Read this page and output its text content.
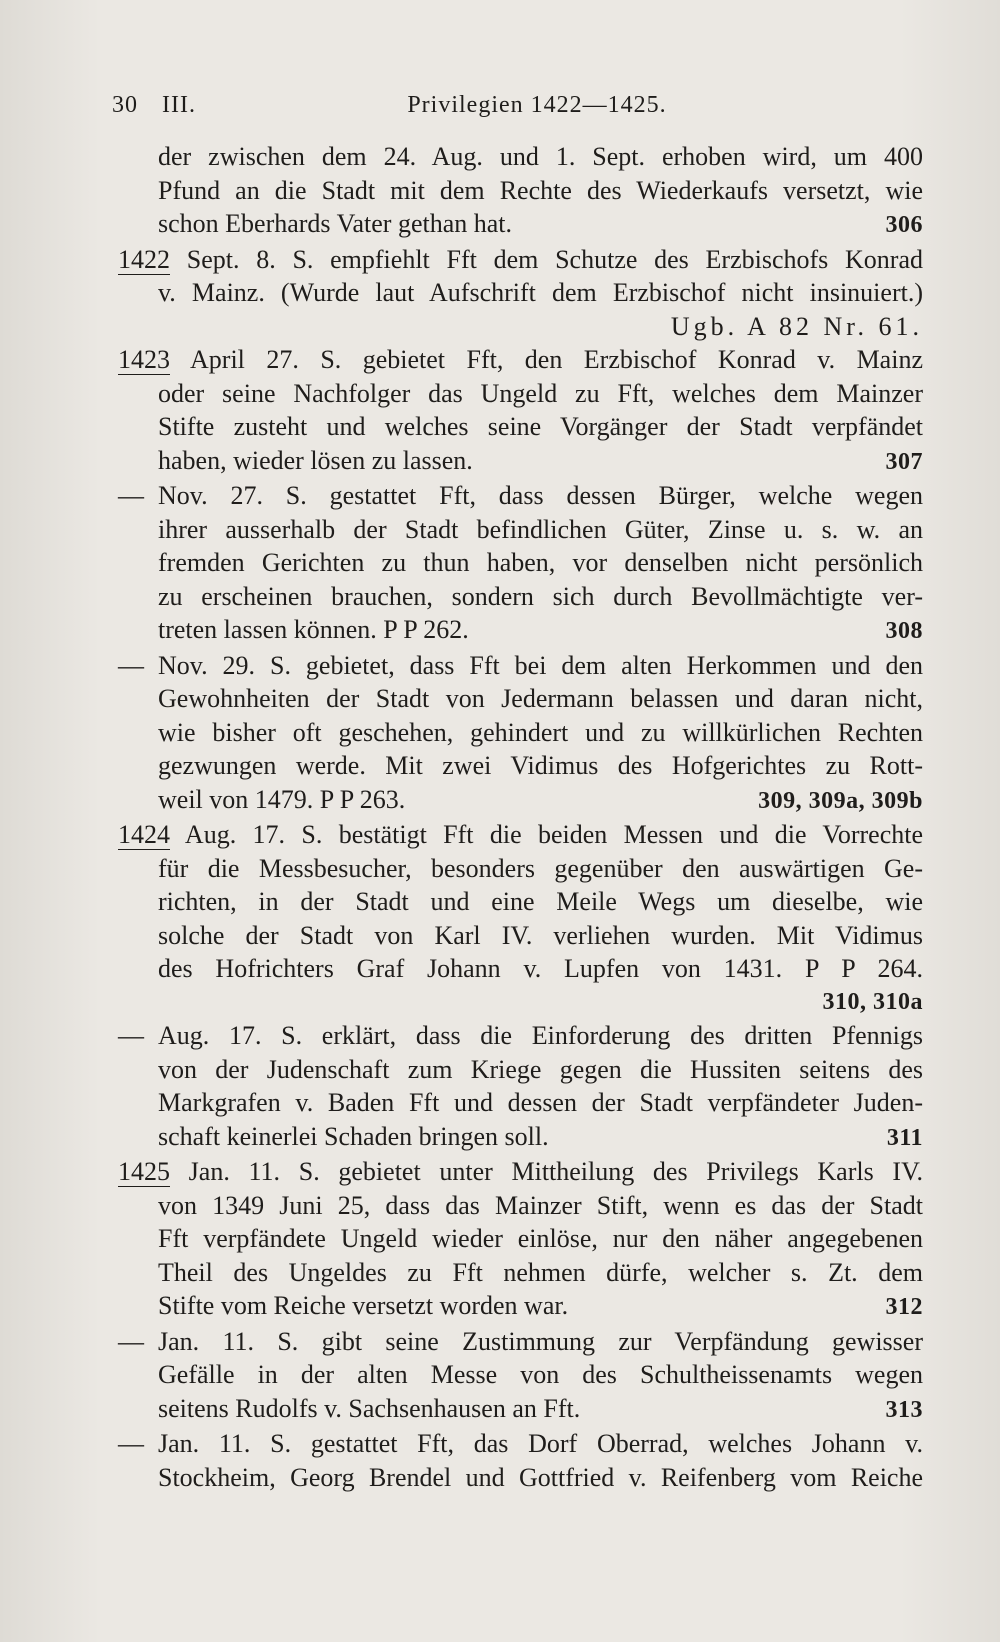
30 III.	Privilegien 1422—1425.
der zwischen dem 24. Aug. und 1. Sept. erhoben wird, um 400
Pfund an die Stadt mit dem Rechte des Wiederkaufs versetzt, wie
schon Eberhards Vater gethan hat.	306
1422 Sept. 8. S. empfiehlt Fft dem Schutze des Erzbischofs Konrad
v. Mainz. (Wurde laut Aufschrift dem Erzbischof nicht insinuiert.)
Ugb. A 82 Nr. 61.
1423 April 27. S. gebietet Fft, den Erzbischof Konrad v. Mainz
oder seine Nachfolger das Ungeld zu Fft, welches dem Mainzer
Stifte zusteht und welches seine Vorgänger der Stadt verpfändet
haben, wieder lösen zu lassen.	307
— Nov. 27. S. gestattet Fft, dass dessen Bürger, welche wegen
ihrer ausserhalb der Stadt befindlichen Güter, Zinse u. s. w. an
fremden Gerichten zu thun haben, vor denselben nicht persönlich
zu erscheinen brauchen, sondern sich durch Bevollmächtigte ver-
treten lassen können. P P 262.	308
— Nov. 29. S. gebietet, dass Fft bei dem alten Herkommen und den
Gewohnheiten der Stadt von Jedermann belassen und daran nicht,
wie bisher oft geschehen, gehindert und zu willkürlichen Rechten
gezwungen werde. Mit zwei Vidimus des Hofgerichtes zu Rott-
weil von 1479. P P 263.	309, 309a, 309b
1424 Aug. 17. S. bestätigt Fft die beiden Messen und die Vorrechte
für die Messbesucher, besonders gegenüber den auswärtigen Ge-
richten, in der Stadt und eine Meile Wegs um dieselbe, wie
solche der Stadt von Karl IV. verliehen wurden. Mit Vidimus
des Hofrichters Graf Johann v. Lupfen von 1431. P P 264.
310, 310a
— Aug. 17. S. erklärt, dass die Einforderung des dritten Pfennigs
von der Judenschaft zum Kriege gegen die Hussiten seitens des
Markgrafen v. Baden Fft und dessen der Stadt verpfändeter Juden-
schaft keinerlei Schaden bringen soll.	311
1425 Jan. 11. S. gebietet unter Mittheilung des Privilegs Karls IV.
von 1349 Juni 25, dass das Mainzer Stift, wenn es das der Stadt
Fft verpfändete Ungeld wieder einlöse, nur den näher angegebenen
Theil des Ungeldes zu Fft nehmen dürfe, welcher s. Zt. dem
Stifte vom Reiche versetzt worden war.	312
— Jan. 11. S. gibt seine Zustimmung zur Verpfändung gewisser
Gefälle in der alten Messe von des Schultheissenamts wegen
seitens Rudolfs v. Sachsenhausen an Fft.	313
— Jan. 11. S. gestattet Fft, das Dorf Oberrad, welches Johann v.
Stockheim, Georg Brendel und Gottfried v. Reifenberg vom Reiche
